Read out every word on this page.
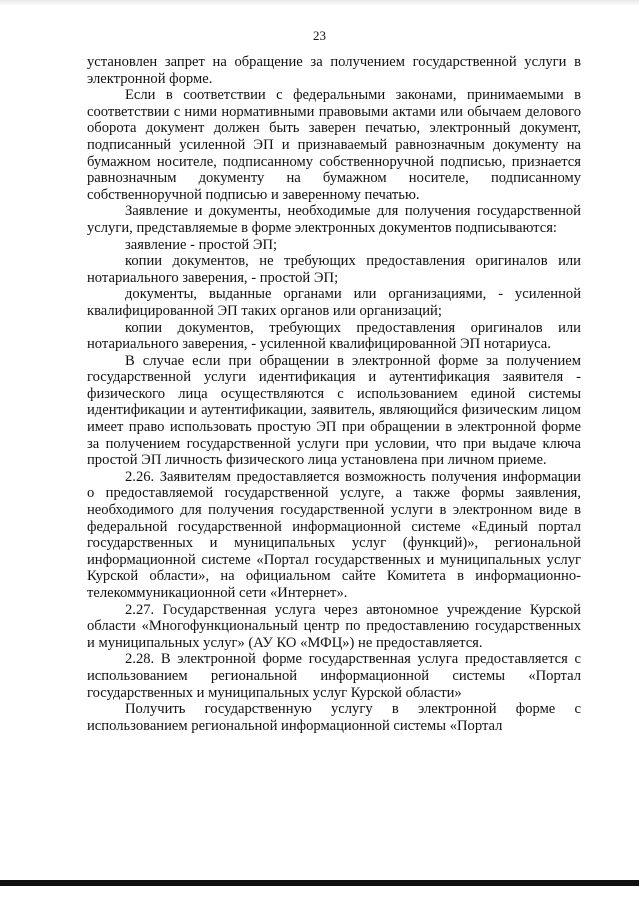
23

установлен запрет на обращение за получением государственной услуги в электронной форме.

Если в соответствии с федеральными законами, принимаемыми в соответствии с ними нормативными правовыми актами или обычаем делового оборота документ должен быть заверен печатью, электронный документ, подписанный усиленной ЭП и признаваемый равнозначным документу на бумажном носителе, подписанному собственноручной подписью, признается равнозначным документу на бумажном носителе, подписанному собственноручной подписью и заверенному печатью.

Заявление и документы, необходимые для получения государственной услуги, представляемые в форме электронных документов подписываются:

заявление - простой ЭП;

копии документов, не требующих предоставления оригиналов или нотариального заверения, - простой ЭП;

документы, выданные органами или организациями, - усиленной квалифицированной ЭП таких органов или организаций;

копии документов, требующих предоставления оригиналов или нотариального заверения, - усиленной квалифицированной ЭП нотариуса.

В случае если при обращении в электронной форме за получением государственной услуги идентификация и аутентификация заявителя - физического лица осуществляются с использованием единой системы идентификации и аутентификации, заявитель, являющийся физическим лицом имеет право использовать простую ЭП при обращении в электронной форме за получением государственной услуги при условии, что при выдаче ключа простой ЭП личность физического лица установлена при личном приеме.

2.26. Заявителям предоставляется возможность получения информации о предоставляемой государственной услуге, а также формы заявления, необходимого для получения государственной услуги в электронном виде в федеральной государственной информационной системе «Единый портал государственных и муниципальных услуг (функций)», региональной информационной системе «Портал государственных и муниципальных услуг Курской области», на официальном сайте Комитета в информационно-телекоммуникационной сети «Интернет».

2.27. Государственная услуга через автономное учреждение Курской области «Многофункциональный центр по предоставлению государственных и муниципальных услуг» (АУ КО «МФЦ») не предоставляется.

2.28. В электронной форме государственная услуга предоставляется с использованием региональной информационной системы «Портал государственных и муниципальных услуг Курской области»

Получить государственную услугу в электронной форме с использованием региональной информационной системы «Портал
